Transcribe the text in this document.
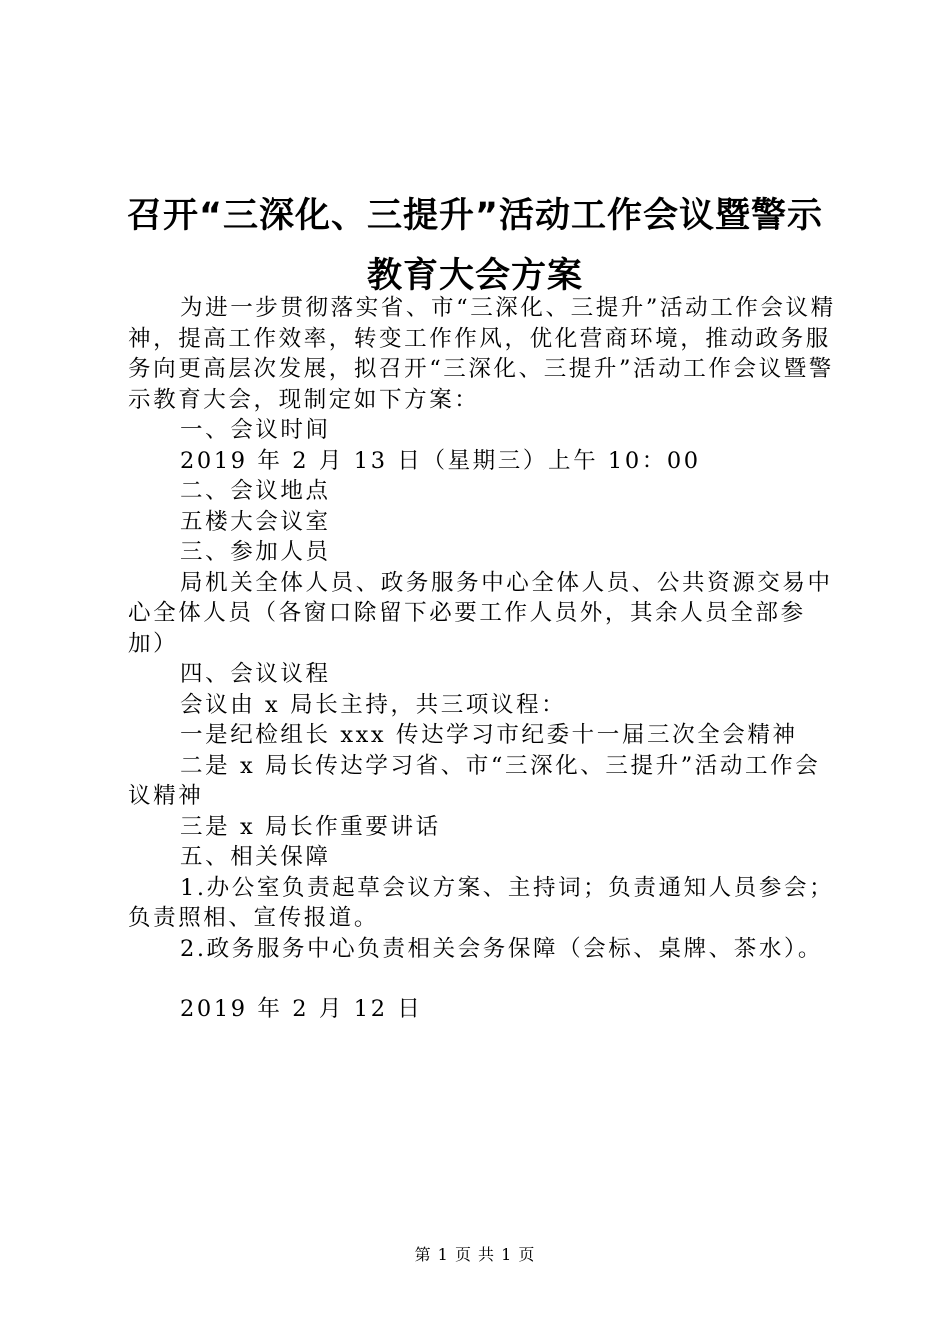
召开“三深化、三提升”活动工作会议暨警示
教育大会方案

为进一步贯彻落实省、市“三深化、三提升”活动工作会议精神，提高工作效率，转变工作作风，优化营商环境，推动政务服务向更高层次发展，拟召开“三深化、三提升”活动工作会议暨警示教育大会，现制定如下方案：

一、会议时间

2019 年 2 月 13 日（星期三）上午 10：00

二、会议地点

五楼大会议室

三、参加人员

局机关全体人员、政务服务中心全体人员、公共资源交易中心全体人员（各窗口除留下必要工作人员外，其余人员全部参加）

四、会议议程

会议由 x 局长主持，共三项议程：

一是纪检组长 xxx 传达学习市纪委十一届三次全会精神

二是 x 局长传达学习省、市“三深化、三提升”活动工作会议精神

三是 x 局长作重要讲话

五、相关保障

1.办公室负责起草会议方案、主持词；负责通知人员参会；负责照相、宣传报道。

2.政务服务中心负责相关会务保障（会标、桌牌、茶水）。

2019 年 2 月 12 日

第 1 页 共 1 页
